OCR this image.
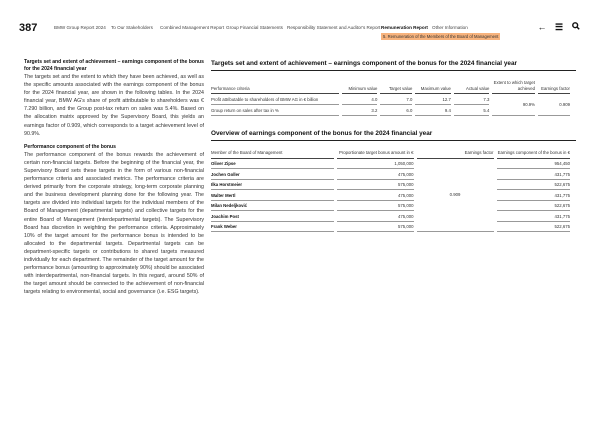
387	BMW Group Report 2024 To Our Stakeholders Combined Management Report Group Financial Statements Responsibility Statement and Auditor's Report Remuneration Report Other Information
5. Remuneration of the Members of the Board of Management
← ☰
Targets set and extent of achievement – earnings component of the bonus for the 2024 financial year

The targets set and the extent to which they have been achieved, as well as the specific amounts associated with the earnings component of the bonus for the 2024 financial year, are shown in the following tables. In the 2024 financial year, BMW AG's share of profit attributable to shareholders was € 7.290 billion, and the Group post-tax return on sales was 5.4%. Based on the allocation matrix approved by the Supervisory Board, this yields an earnings factor of 0.909, which corresponds to a target achievement level of 90.9%.

Performance component of the bonus

The performance component of the bonus rewards the achievement of certain non-financial targets. Before the beginning of the financial year, the Supervisory Board sets these targets in the form of various non-financial performance criteria and associated metrics. The performance criteria are derived primarily from the corporate strategy, long-term corporate planning and the business development planning done for the following year. The targets are divided into individual targets for the individual members of the Board of Management (departmental targets) and collective targets for the entire Board of Management (interdepartmental targets). The Supervisory Board has discretion in weighting the performance criteria. Approximately 10% of the target amount for the performance bonus is intended to be allocated to the departmental targets. Departmental targets can be department-specific targets or contributions to shared targets measured individually for each department. The remainder of the target amount for the performance bonus (amounting to approximately 90%) should be associated with interdepartmental, non-financial targets. In this regard, around 50% of the target amount should be connected to the achievement of non-financial targets relating to environmental, social and governance (i.e. ESG targets).

Targets set and extent of achievement – earnings component of the bonus for the 2024 financial year
Performance criteria	Minimum value	Target value	Maximum value	Actual value	Extent to which target achieved	Earnings factor
Profit attributable to shareholders of BMW AG in € billion	4.0	7.0	12.7	7.3	90.9%	0.909
Group return on sales after tax in %	3.2	6.0	9.4	5.4		
Overview of earnings component of the bonus for the 2024 financial year
Member of the Board of Management	Proportionate target bonus amount in €	Earnings factor	Earnings component of the bonus in €
Oliver Zipse	1,050,000	0.909	954,450
Jochen Goller	475,000		431,775
Ilka Horstmeier	575,000		522,675
Walter Mertl	475,000		431,775
Milan Nedeljković	575,000		522,675
Joachim Post	475,000		431,775
Frank Weber	575,000		522,675
